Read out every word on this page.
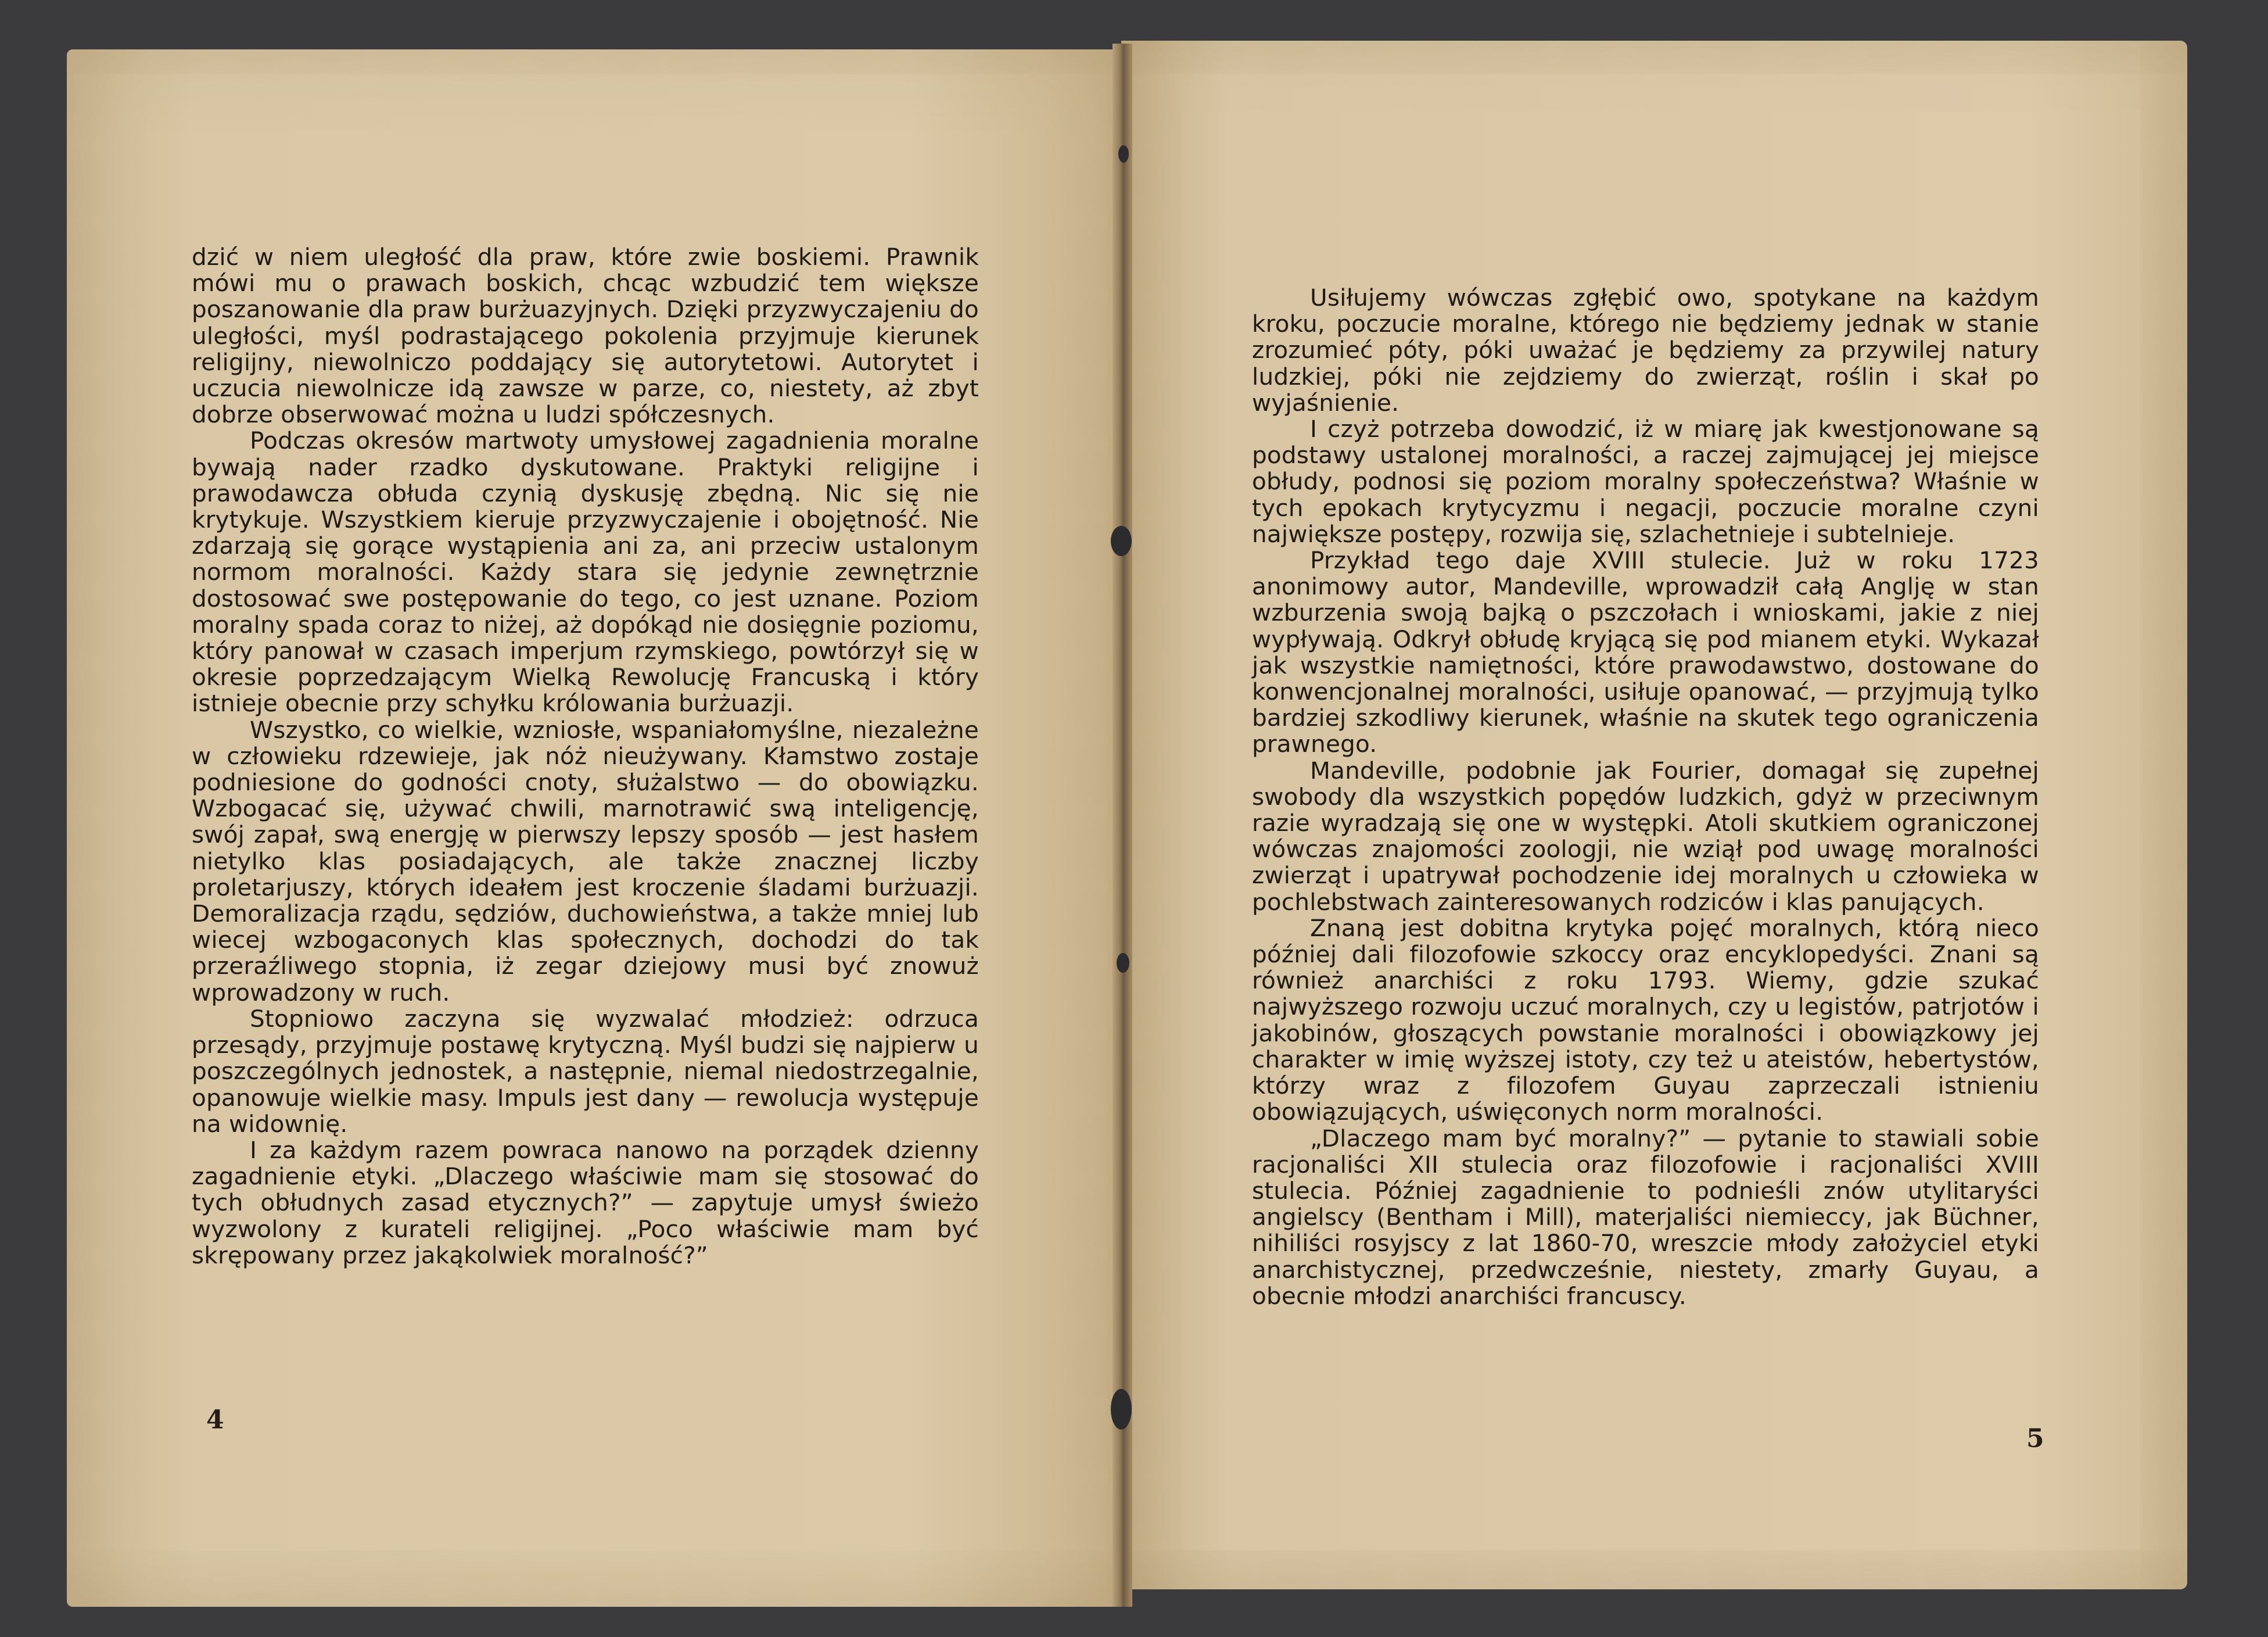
dzić w niem uległość dla praw, które zwie boskiemi. Prawnik mówi mu o prawach boskich, chcąc wzbudzić tem większe poszanowanie dla praw burżuazyjnych. Dzięki przyzwyczajeniu do uległości, myśl podrastającego pokolenia przyjmuje kierunek religijny, niewolniczo poddający się autorytetowi. Autorytet i uczucia niewolnicze idą zawsze w parze, co, niestety, aż zbyt dobrze obserwować można u ludzi spółczesnych.

Podczas okresów martwoty umysłowej zagadnienia moralne bywają nader rzadko dyskutowane. Praktyki religijne i prawodawcza obłuda czynią dyskusję zbędną. Nic się nie krytykuje. Wszystkiem kieruje przyzwyczajenie i obojętność. Nie zdarzają się gorące wystąpienia ani za, ani przeciw ustalonym normom moralności. Każdy stara się jedynie zewnętrznie dostosować swe postępowanie do tego, co jest uznane. Poziom moralny spada coraz to niżej, aż dopókąd nie dosięgnie poziomu, który panował w czasach imperjum rzymskiego, powtórzył się w okresie poprzedzającym Wielką Rewolucję Francuską i który istnieje obecnie przy schyłku królowania burżuazji.

Wszystko, co wielkie, wzniosłe, wspaniałomyślne, niezależne w człowieku rdzewieje, jak nóż nieużywany. Kłamstwo zostaje podniesione do godności cnoty, służalstwo — do obowiązku. Wzbogacać się, używać chwili, marnotrawić swą inteligencję, swój zapał, swą energję w pierwszy lepszy sposób — jest hasłem nietylko klas posiadających, ale także znacznej liczby proletarjuszy, których ideałem jest kroczenie śladami burżuazji. Demoralizacja rządu, sędziów, duchowieństwa, a także mniej lub wiecej wzbogaconych klas społecznych, dochodzi do tak przeraźliwego stopnia, iż zegar dziejowy musi być znowuż wprowadzony w ruch.

Stopniowo zaczyna się wyzwalać młodzież: odrzuca przesądy, przyjmuje postawę krytyczną. Myśl budzi się najpierw u poszczególnych jednostek, a następnie, niemal niedostrzegalnie, opanowuje wielkie masy. Impuls jest dany — rewolucja występuje na widownię.

I za każdym razem powraca nanowo na porządek dzienny zagadnienie etyki. „Dlaczego właściwie mam się stosować do tych obłudnych zasad etycznych?” — zapytuje umysł świeżo wyzwolony z kurateli religijnej. „Poco właściwie mam być skrępowany przez jakąkolwiek moralność?”

4

Usiłujemy wówczas zgłębić owo, spotykane na każdym kroku, poczucie moralne, którego nie będziemy jednak w stanie zrozumieć póty, póki uważać je będziemy za przywilej natury ludzkiej, póki nie zejdziemy do zwierząt, roślin i skał po wyjaśnienie.

I czyż potrzeba dowodzić, iż w miarę jak kwestjonowane są podstawy ustalonej moralności, a raczej zajmującej jej miejsce obłudy, podnosi się poziom moralny społeczeństwa? Właśnie w tych epokach krytycyzmu i negacji, poczucie moralne czyni największe postępy, rozwija się, szlachetnieje i subtelnieje.

Przykład tego daje XVIII stulecie. Już w roku 1723 anonimowy autor, Mandeville, wprowadził całą Anglję w stan wzburzenia swoją bajką o pszczołach i wnioskami, jakie z niej wypływają. Odkrył obłudę kryjącą się pod mianem etyki. Wykazał jak wszystkie namiętności, które prawodawstwo, dostowane do konwencjonalnej moralności, usiłuje opanować, — przyjmują tylko bardziej szkodliwy kierunek, właśnie na skutek tego ograniczenia prawnego.

Mandeville, podobnie jak Fourier, domagał się zupełnej swobody dla wszystkich popędów ludzkich, gdyż w przeciwnym razie wyradzają się one w występki. Atoli skutkiem ograniczonej wówczas znajomości zoologji, nie wziął pod uwagę moralności zwierząt i upatrywał pochodzenie idej moralnych u człowieka w pochlebstwach zainteresowanych rodziców i klas panujących.

Znaną jest dobitna krytyka pojęć moralnych, którą nieco później dali filozofowie szkoccy oraz encyklopedyści. Znani są również anarchiści z roku 1793. Wiemy, gdzie szukać najwyższego rozwoju uczuć moralnych, czy u legistów, patrjotów i jakobinów, głoszących powstanie moralności i obowiązkowy jej charakter w imię wyższej istoty, czy też u ateistów, hebertystów, którzy wraz z filozofem Guyau zaprzeczali istnieniu obowiązujących, uświęconych norm moralności.

„Dlaczego mam być moralny?” — pytanie to stawiali sobie racjonaliści XII stulecia oraz filozofowie i racjonaliści XVIII stulecia. Później zagadnienie to podnieśli znów utylitaryści angielscy (Bentham i Mill), materjaliści niemieccy, jak Büchner, nihiliści rosyjscy z lat 1860-70, wreszcie młody założyciel etyki anarchistycznej, przedwcześnie, niestety, zmarły Guyau, a obecnie młodzi anarchiści francuscy.

5
